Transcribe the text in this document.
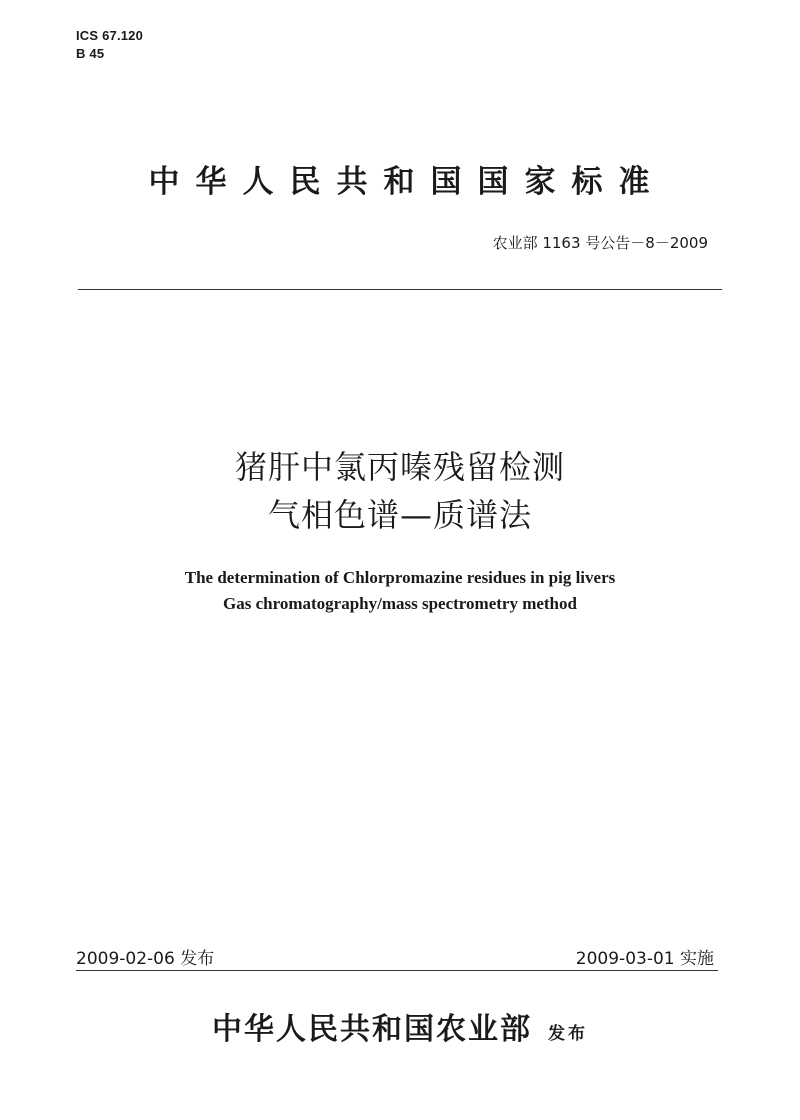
ICS 67.120
B 45
中华人民共和国国家标准
农业部 1163 号公告－8－2009
猪肝中氯丙嗪残留检测
气相色谱—质谱法
The determination of Chlorpromazine residues in pig livers
Gas chromatography/mass spectrometry method
2009-02-06 发布	2009-03-01 实施
中华人民共和国农业部 发布
